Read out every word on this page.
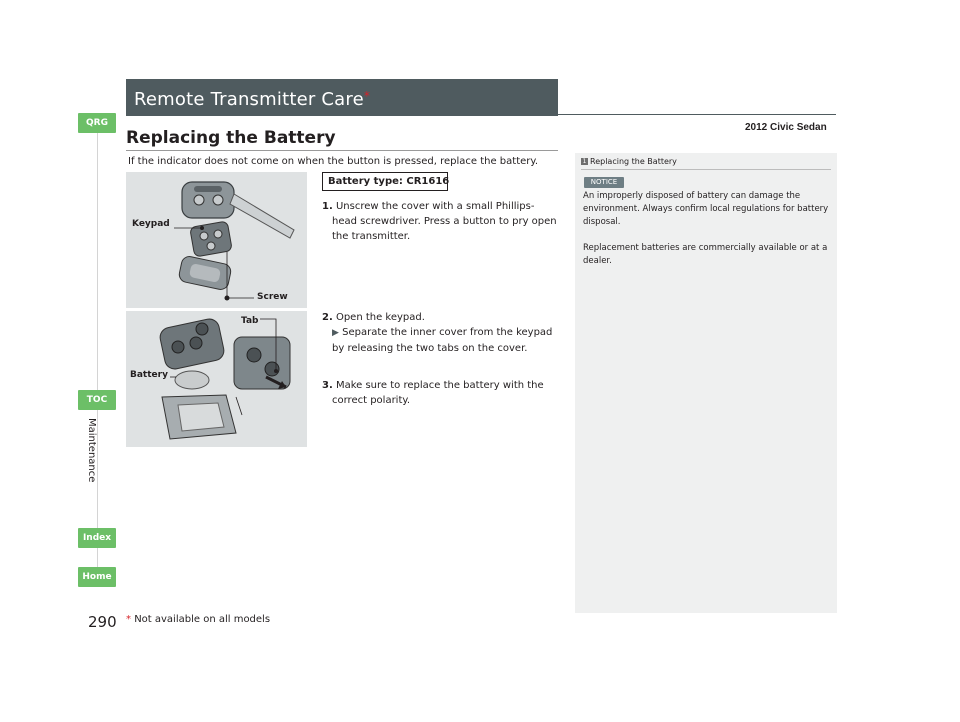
Remote Transmitter Care*
2012 Civic Sedan
QRG
TOC
Maintenance
Index
Home
Replacing the Battery
If the indicator does not come on when the button is pressed, replace the battery.
Keypad
Screw
Tab
Battery
Battery type: CR1616
1. Unscrew the cover with a small Phillips-head screwdriver. Press a button to pry open the transmitter.
2. Open the keypad.
▶ Separate the inner cover from the keypad by releasing the two tabs on the cover.
3. Make sure to replace the battery with the correct polarity.
1 Replacing the Battery
NOTICE

An improperly disposed of battery can damage the environment. Always confirm local regulations for battery disposal.

Replacement batteries are commercially available or at a dealer.

290 * Not available on all models
